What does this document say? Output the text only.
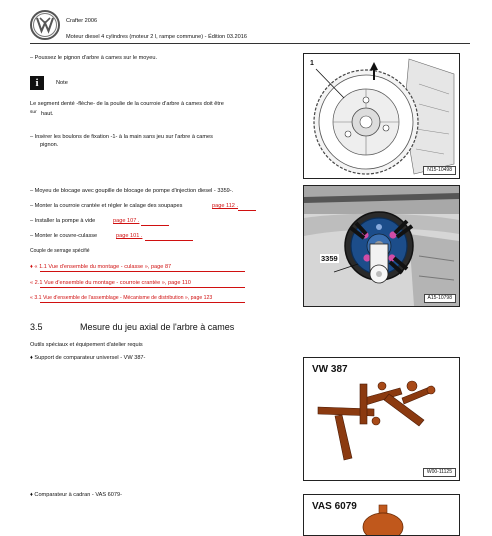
Crafter 2006
Moteur diesel 4 cylindres (moteur 2 l, rampe commune) - Édition 03.2016
– Poussez le pignon d'arbre à cames sur le moyeu.
i	Note
Le segment denté -flèche- de la poulie de la courroie d'arbre à cames doit être
sur haut.
– Insérer les boulons de fixation -1- à la main sans jeu sur l'arbre à cames
pignon.
1
N15-10498
– Moyeu de blocage avec goupille de blocage de pompe d'injection diesel - 3359-.
– Monter la courroie crantée et régler le calage des soupapes	page 112 .
– Installer la pompe à vide	page 107 .
– Monter le couvre-culasse	page 101 .
Couple de serrage spécifié
♦ « 1.1 Vue d'ensemble du montage - culasse », page 87
« 2.1 Vue d'ensemble du montage - courroie crantée », page 110
« 3.1 Vue d'ensemble de l'assemblage - Mécanisme de distribution », page 123
3359
A15-10798
3.5	Mesure du jeu axial de l'arbre à cames
Outils spéciaux et équipement d'atelier requis
♦ Support de comparateur universel - VW 387-
VW 387
W00-11125
♦ Comparateur à cadran - VAS 6079-
VAS 6079
